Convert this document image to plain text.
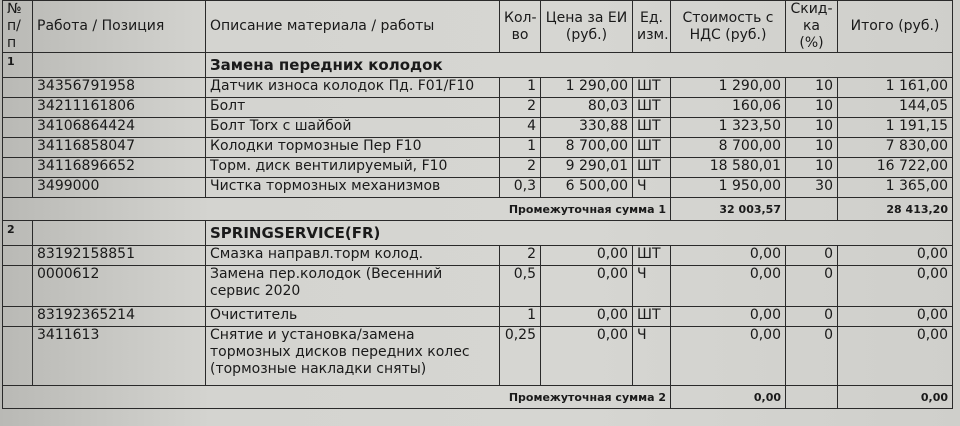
№ п/п	Работа / Позиция	Описание материала / работы	Кол-во	Цена за ЕИ (руб.)	Ед. изм.	Стоимость с НДС (руб.)	Скид-ка (%)	Итого (руб.)
1		Замена передних колодок						
	34356791958	Датчик износа колодок Пд. F01/F10	1	1 290,00	ШТ	1 290,00	10	1 161,00
	34211161806	Болт	2	80,03	ШТ	160,06	10	144,05
	34106864424	Болт Torx с шайбой	4	330,88	ШТ	1 323,50	10	1 191,15
	34116858047	Колодки тормозные Пер F10	1	8 700,00	ШТ	8 700,00	10	7 830,00
	34116896652	Торм. диск вентилируемый, F10	2	9 290,01	ШТ	18 580,01	10	16 722,00
	3499000	Чистка тормозных механизмов	0,3	6 500,00	Ч	1 950,00	30	1 365,00
Промежуточная сумма 1						32 003,57		28 413,20
2		SPRINGSERVICE(FR)						
	83192158851	Смазка направл.торм колод.	2	0,00	ШТ	0,00	0	0,00
	0000612	Замена пер.колодок (Весенний сервис 2020	0,5	0,00	Ч	0,00	0	0,00
	83192365214	Очиститель	1	0,00	ШТ	0,00	0	0,00
	3411613	Снятие и установка/замена тормозных дисков передних колес (тормозные накладки сняты)	0,25	0,00	Ч	0,00	0	0,00
Промежуточная сумма 2						0,00		0,00
